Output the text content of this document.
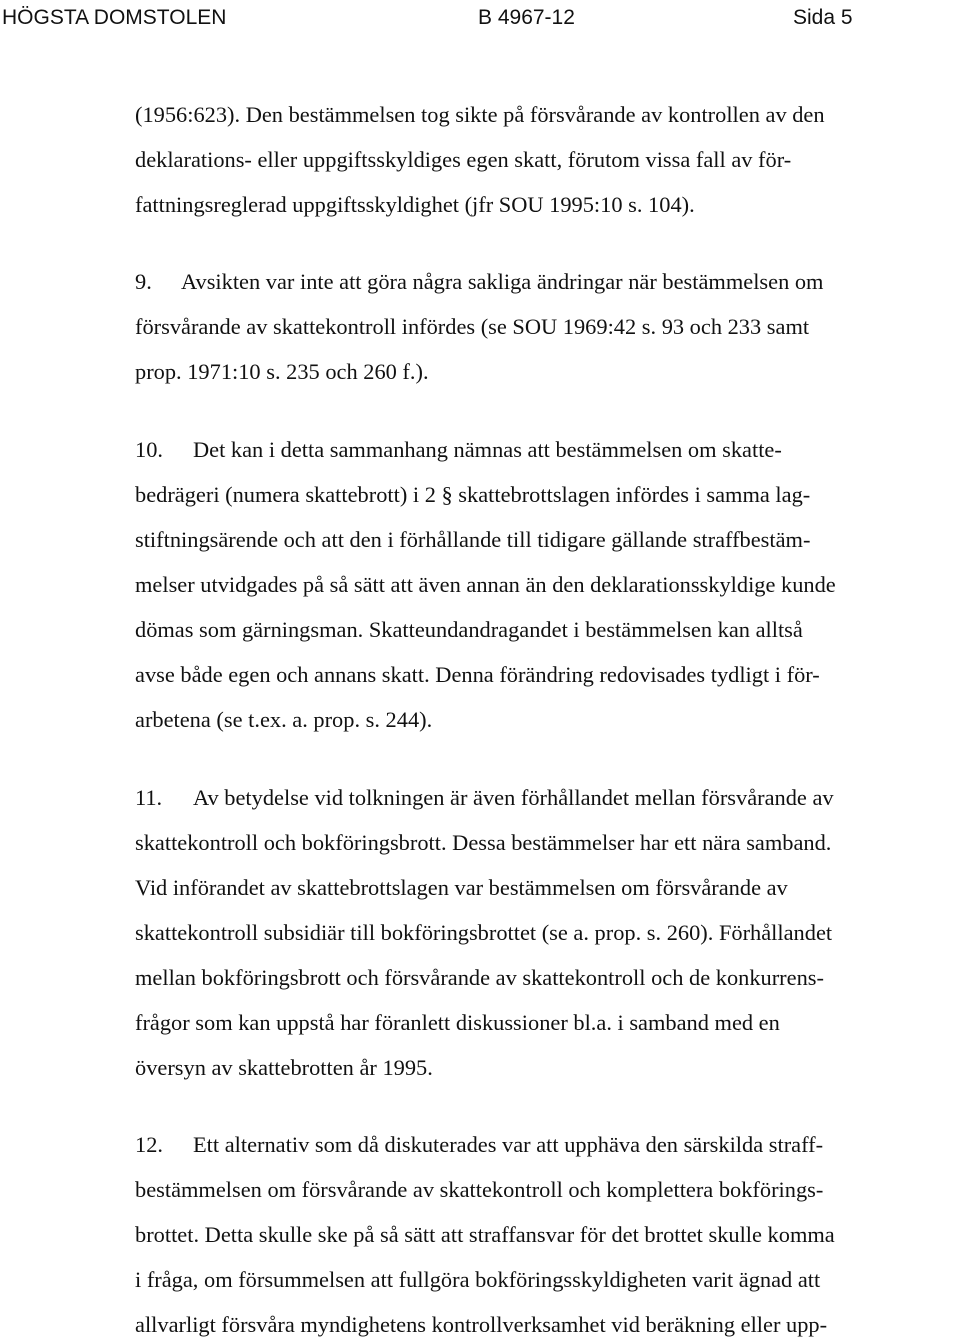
HÖGSTA DOMSTOLEN	B 4967-12	Sida 5
(1956:623). Den bestämmelsen tog sikte på försvårande av kontrollen av den
deklarations- eller uppgiftsskyldiges egen skatt, förutom vissa fall av för-
fattningsreglerad uppgiftsskyldighet (jfr SOU 1995:10 s. 104).
9. Avsikten var inte att göra några sakliga ändringar när bestämmelsen om
försvårande av skattekontroll infördes (se SOU 1969:42 s. 93 och 233 samt
prop. 1971:10 s. 235 och 260 f.).
10. Det kan i detta sammanhang nämnas att bestämmelsen om skatte-
bedrägeri (numera skattebrott) i 2 § skattebrottslagen infördes i samma lag-
stiftningsärende och att den i förhållande till tidigare gällande straffbestäm-
melser utvidgades på så sätt att även annan än den deklarationsskyldige kunde
dömas som gärningsman. Skatteundandragandet i bestämmelsen kan alltså
avse både egen och annans skatt. Denna förändring redovisades tydligt i för-
arbetena (se t.ex. a. prop. s. 244).
11. Av betydelse vid tolkningen är även förhållandet mellan försvårande av
skattekontroll och bokföringsbrott. Dessa bestämmelser har ett nära samband.
Vid införandet av skattebrottslagen var bestämmelsen om försvårande av
skattekontroll subsidiär till bokföringsbrottet (se a. prop. s. 260). Förhållandet
mellan bokföringsbrott och försvårande av skattekontroll och de konkurrens-
frågor som kan uppstå har föranlett diskussioner bl.a. i samband med en
översyn av skattebrotten år 1995.
12. Ett alternativ som då diskuterades var att upphäva den särskilda straff-
bestämmelsen om försvårande av skattekontroll och komplettera bokförings-
brottet. Detta skulle ske på så sätt att straffansvar för det brottet skulle komma
i fråga, om försummelsen att fullgöra bokföringsskyldigheten varit ägnad att
allvarligt försvåra myndighetens kontrollverksamhet vid beräkning eller upp-
